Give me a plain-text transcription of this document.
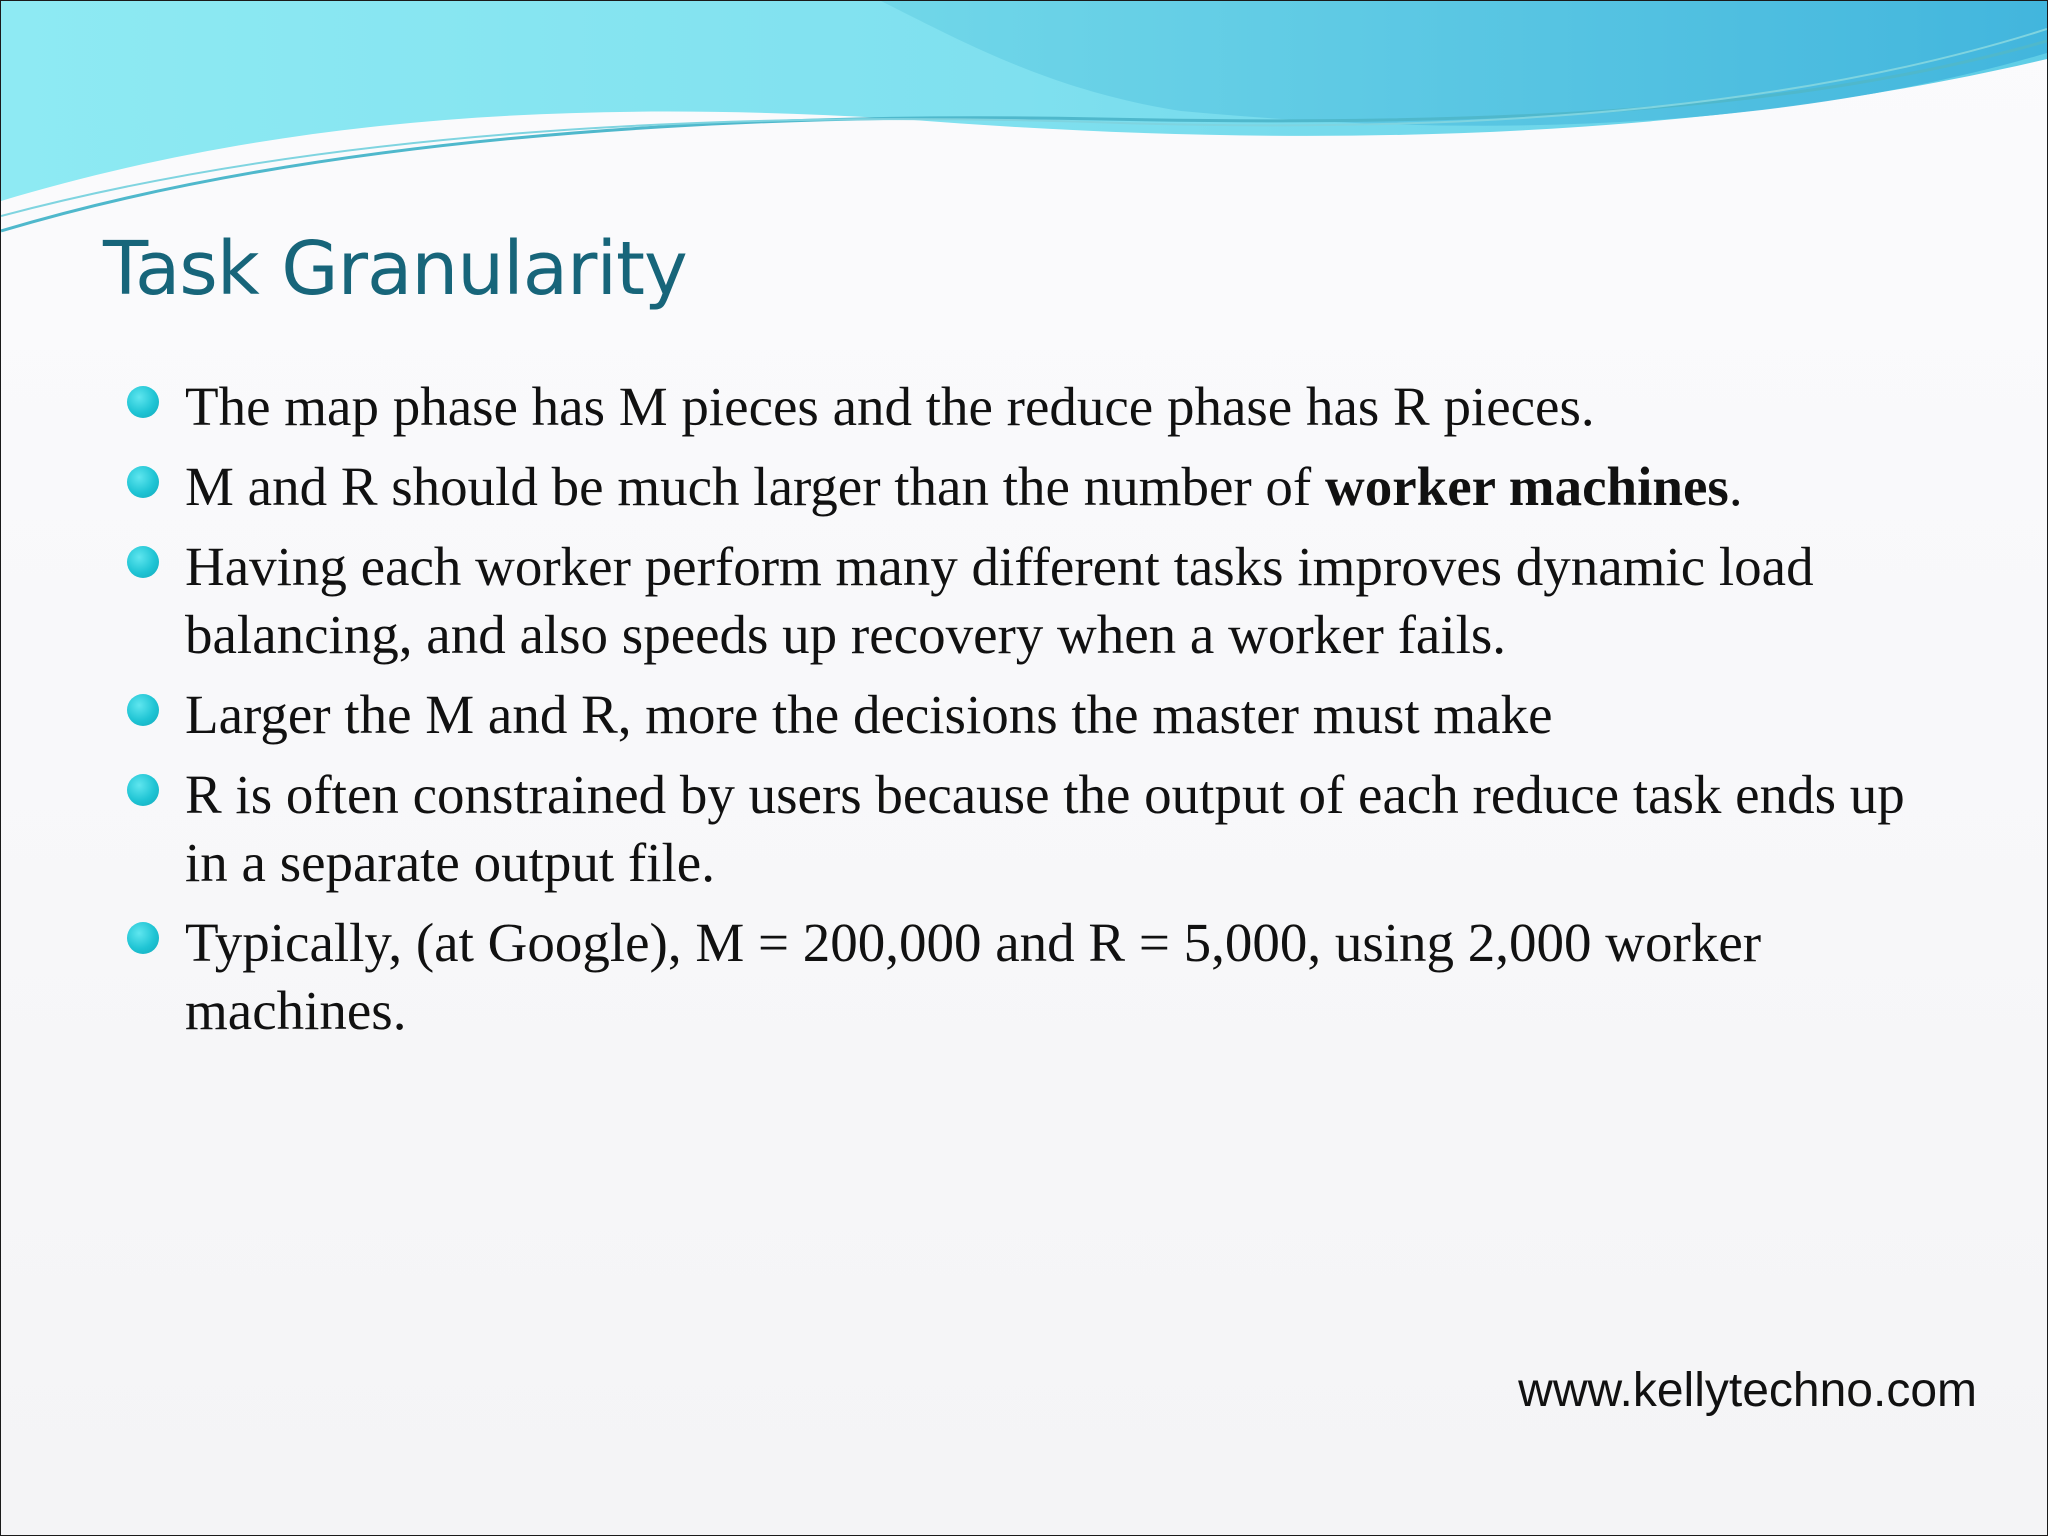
Task Granularity
The map phase has M pieces and the reduce phase has R pieces.
M and R should be much larger than the number of worker machines.
Having each worker perform many different tasks improves dynamic load balancing, and also speeds up recovery when a worker fails.
Larger the M and R, more the decisions the master must make
R is often constrained by users because the output of each reduce task ends up in a separate output file.
Typically, (at Google), M = 200,000 and R = 5,000, using 2,000 worker machines.
www.kellytechno.com
